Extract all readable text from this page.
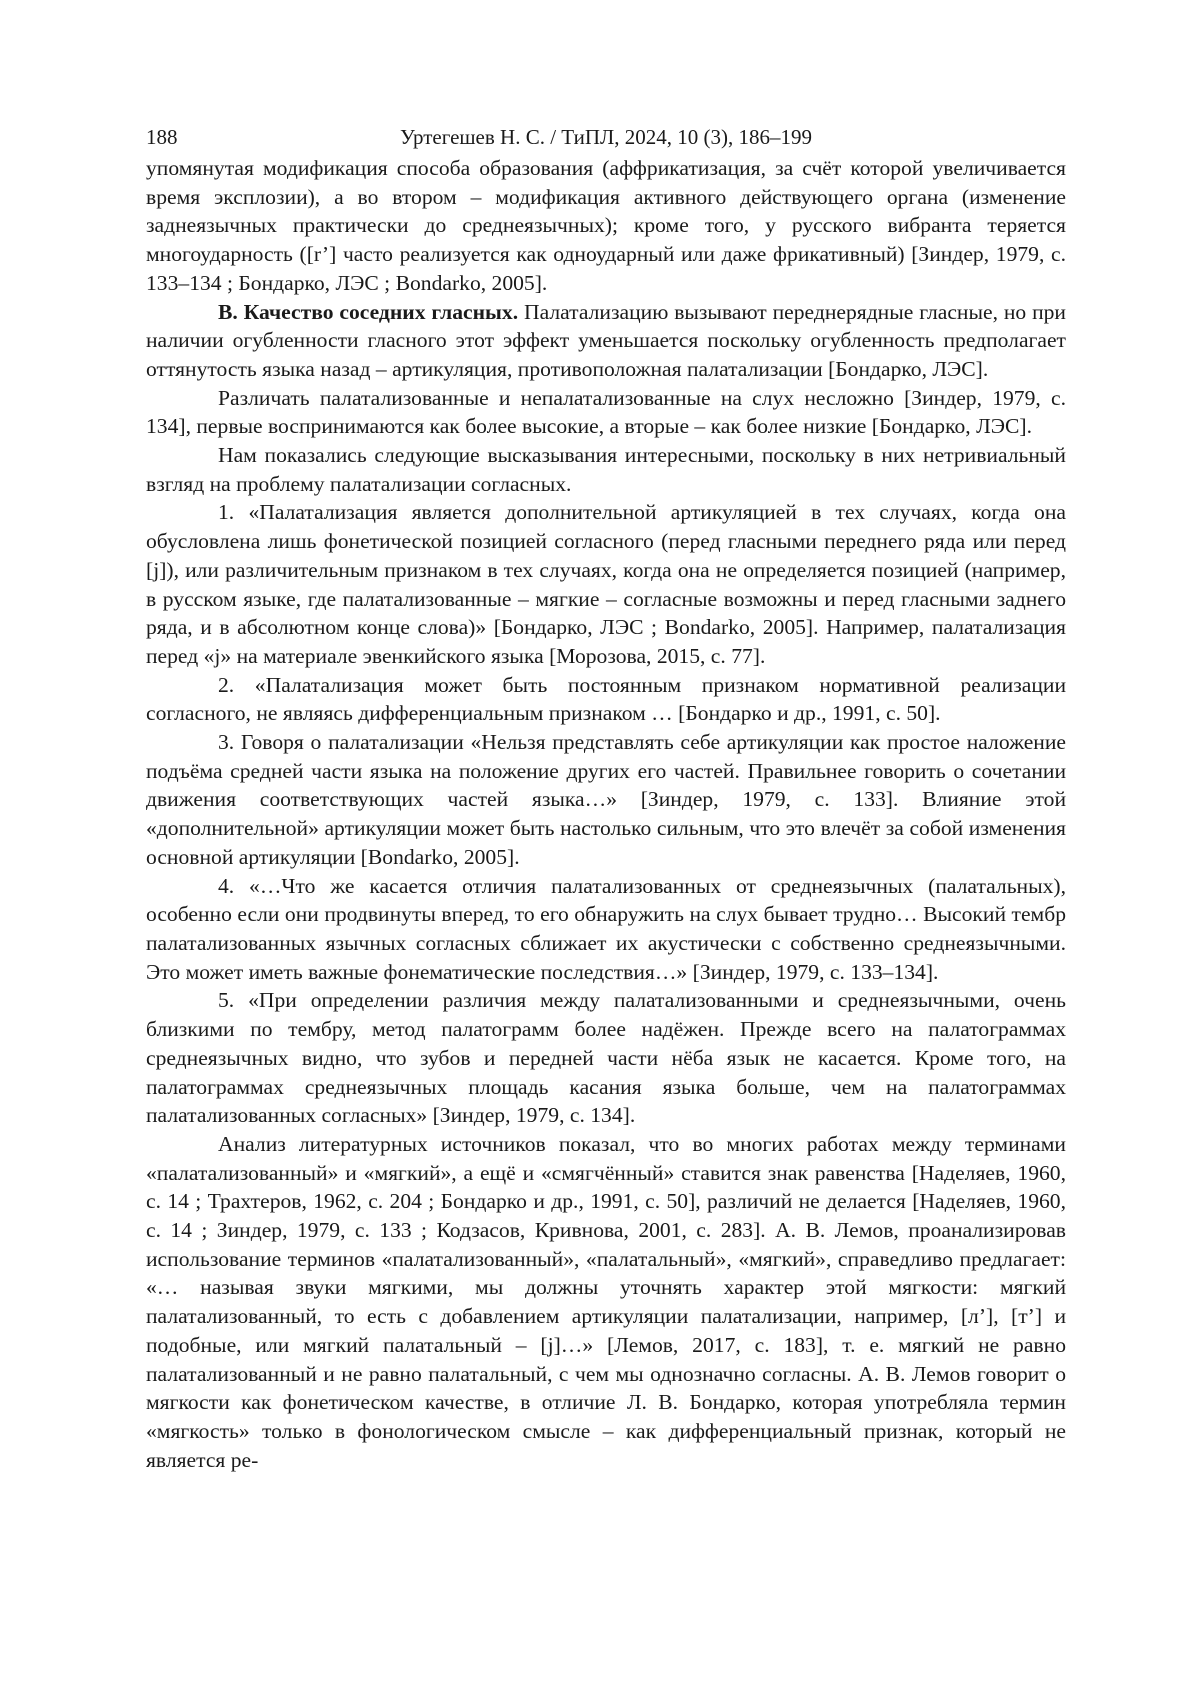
188	Уртегешев Н. С. / ТиПЛ, 2024, 10 (3), 186–199

упомянутая модификация способа образования (аффрикатизация, за счёт которой увеличивается время эксплозии), а во втором – модификация активного действующего органа (изменение заднеязычных практически до среднеязычных); кроме того, у русского вибранта теряется многоударность ([r’] часто реализуется как одноударный или даже фрикативный) [Зиндер, 1979, с. 133–134 ; Бондарко, ЛЭС ; Bondarko, 2005].

B. Качество соседних гласных. Палатализацию вызывают переднерядные гласные, но при наличии огубленности гласного этот эффект уменьшается поскольку огубленность предполагает оттянутость языка назад – артикуляция, противоположная палатализации [Бондарко, ЛЭС].

Различать палатализованные и непалатализованные на слух несложно [Зиндер, 1979, с. 134], первые воспринимаются как более высокие, а вторые – как более низкие [Бондарко, ЛЭС].

Нам показались следующие высказывания интересными, поскольку в них нетривиальный взгляд на проблему палатализации согласных.

1. «Палатализация является дополнительной артикуляцией в тех случаях, когда она обусловлена лишь фонетической позицией согласного (перед гласными переднего ряда или перед [j]), или различительным признаком в тех случаях, когда она не определяется позицией (например, в русском языке, где палатализованные – мягкие – согласные возможны и перед гласными заднего ряда, и в абсолютном конце слова)» [Бондарко, ЛЭС ; Bondarko, 2005]. Например, палатализация перед «j» на материале эвенкийского языка [Морозова, 2015, с. 77].

2. «Палатализация может быть постоянным признаком нормативной реализации согласного, не являясь дифференциальным признаком … [Бондарко и др., 1991, с. 50].

3. Говоря о палатализации «Нельзя представлять себе артикуляции как простое наложение подъёма средней части языка на положение других его частей. Правильнее говорить о сочетании движения соответствующих частей языка…» [Зиндер, 1979, с. 133]. Влияние этой «дополнительной» артикуляции может быть настолько сильным, что это влечёт за собой изменения основной артикуляции [Bondarko, 2005].

4. «…Что же касается отличия палатализованных от среднеязычных (палатальных), особенно если они продвинуты вперед, то его обнаружить на слух бывает трудно… Высокий тембр палатализованных язычных согласных сближает их акустически с собственно среднеязычными. Это может иметь важные фонематические последствия…» [Зиндер, 1979, с. 133–134].

5. «При определении различия между палатализованными и среднеязычными, очень близкими по тембру, метод палатограмм более надёжен. Прежде всего на палатограммах среднеязычных видно, что зубов и передней части нёба язык не касается. Кроме того, на палатограммах среднеязычных площадь касания языка больше, чем на палатограммах палатализованных согласных» [Зиндер, 1979, с. 134].

Анализ литературных источников показал, что во многих работах между терминами «палатализованный» и «мягкий», а ещё и «смягчённый» ставится знак равенства [Наделяев, 1960, с. 14 ; Трахтеров, 1962, с. 204 ; Бондарко и др., 1991, с. 50], различий не делается [Наделяев, 1960, с. 14 ; Зиндер, 1979, с. 133 ; Кодзасов, Кривнова, 2001, с. 283]. А. В. Лемов, проанализировав использование терминов «палатализованный», «палатальный», «мягкий», справедливо предлагает: «… называя звуки мягкими, мы должны уточнять характер этой мягкости: мягкий палатализованный, то есть с добавлением артикуляции палатализации, например, [л’], [т’] и подобные, или мягкий палатальный – [j]…» [Лемов, 2017, с. 183], т. е. мягкий не равно палатализованный и не равно палатальный, с чем мы однозначно согласны. А. В. Лемов говорит о мягкости как фонетическом качестве, в отличие Л. В. Бондарко, которая употребляла термин «мягкость» только в фонологическом смысле – как дифференциальный признак, который не является ре-
